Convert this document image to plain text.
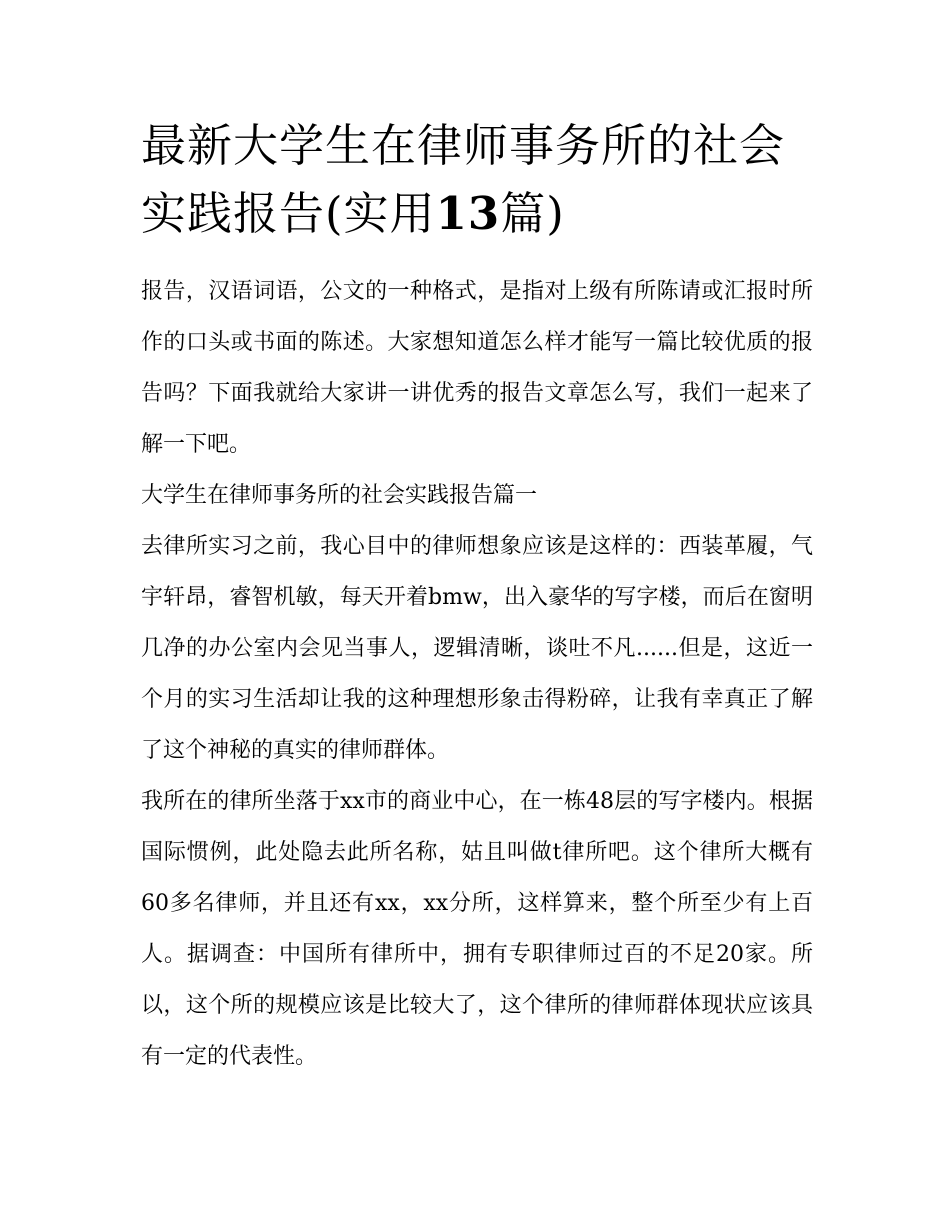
最新大学生在律师事务所的社会实践报告(实用13篇)

报告，汉语词语，公文的一种格式，是指对上级有所陈请或汇报时所作的口头或书面的陈述。大家想知道怎么样才能写一篇比较优质的报告吗？下面我就给大家讲一讲优秀的报告文章怎么写，我们一起来了解一下吧。

大学生在律师事务所的社会实践报告篇一

去律所实习之前，我心目中的律师想象应该是这样的：西装革履，气宇轩昂，睿智机敏，每天开着bmw，出入豪华的写字楼，而后在窗明几净的办公室内会见当事人，逻辑清晰，谈吐不凡......但是，这近一个月的实习生活却让我的这种理想形象击得粉碎，让我有幸真正了解了这个神秘的真实的律师群体。

我所在的律所坐落于xx市的商业中心，在一栋48层的写字楼内。根据国际惯例，此处隐去此所名称，姑且叫做t律所吧。这个律所大概有60多名律师，并且还有xx，xx分所，这样算来，整个所至少有上百人。据调查：中国所有律所中，拥有专职律师过百的不足20家。所以，这个所的规模应该是比较大了，这个律所的律师群体现状应该具有一定的代表性。
